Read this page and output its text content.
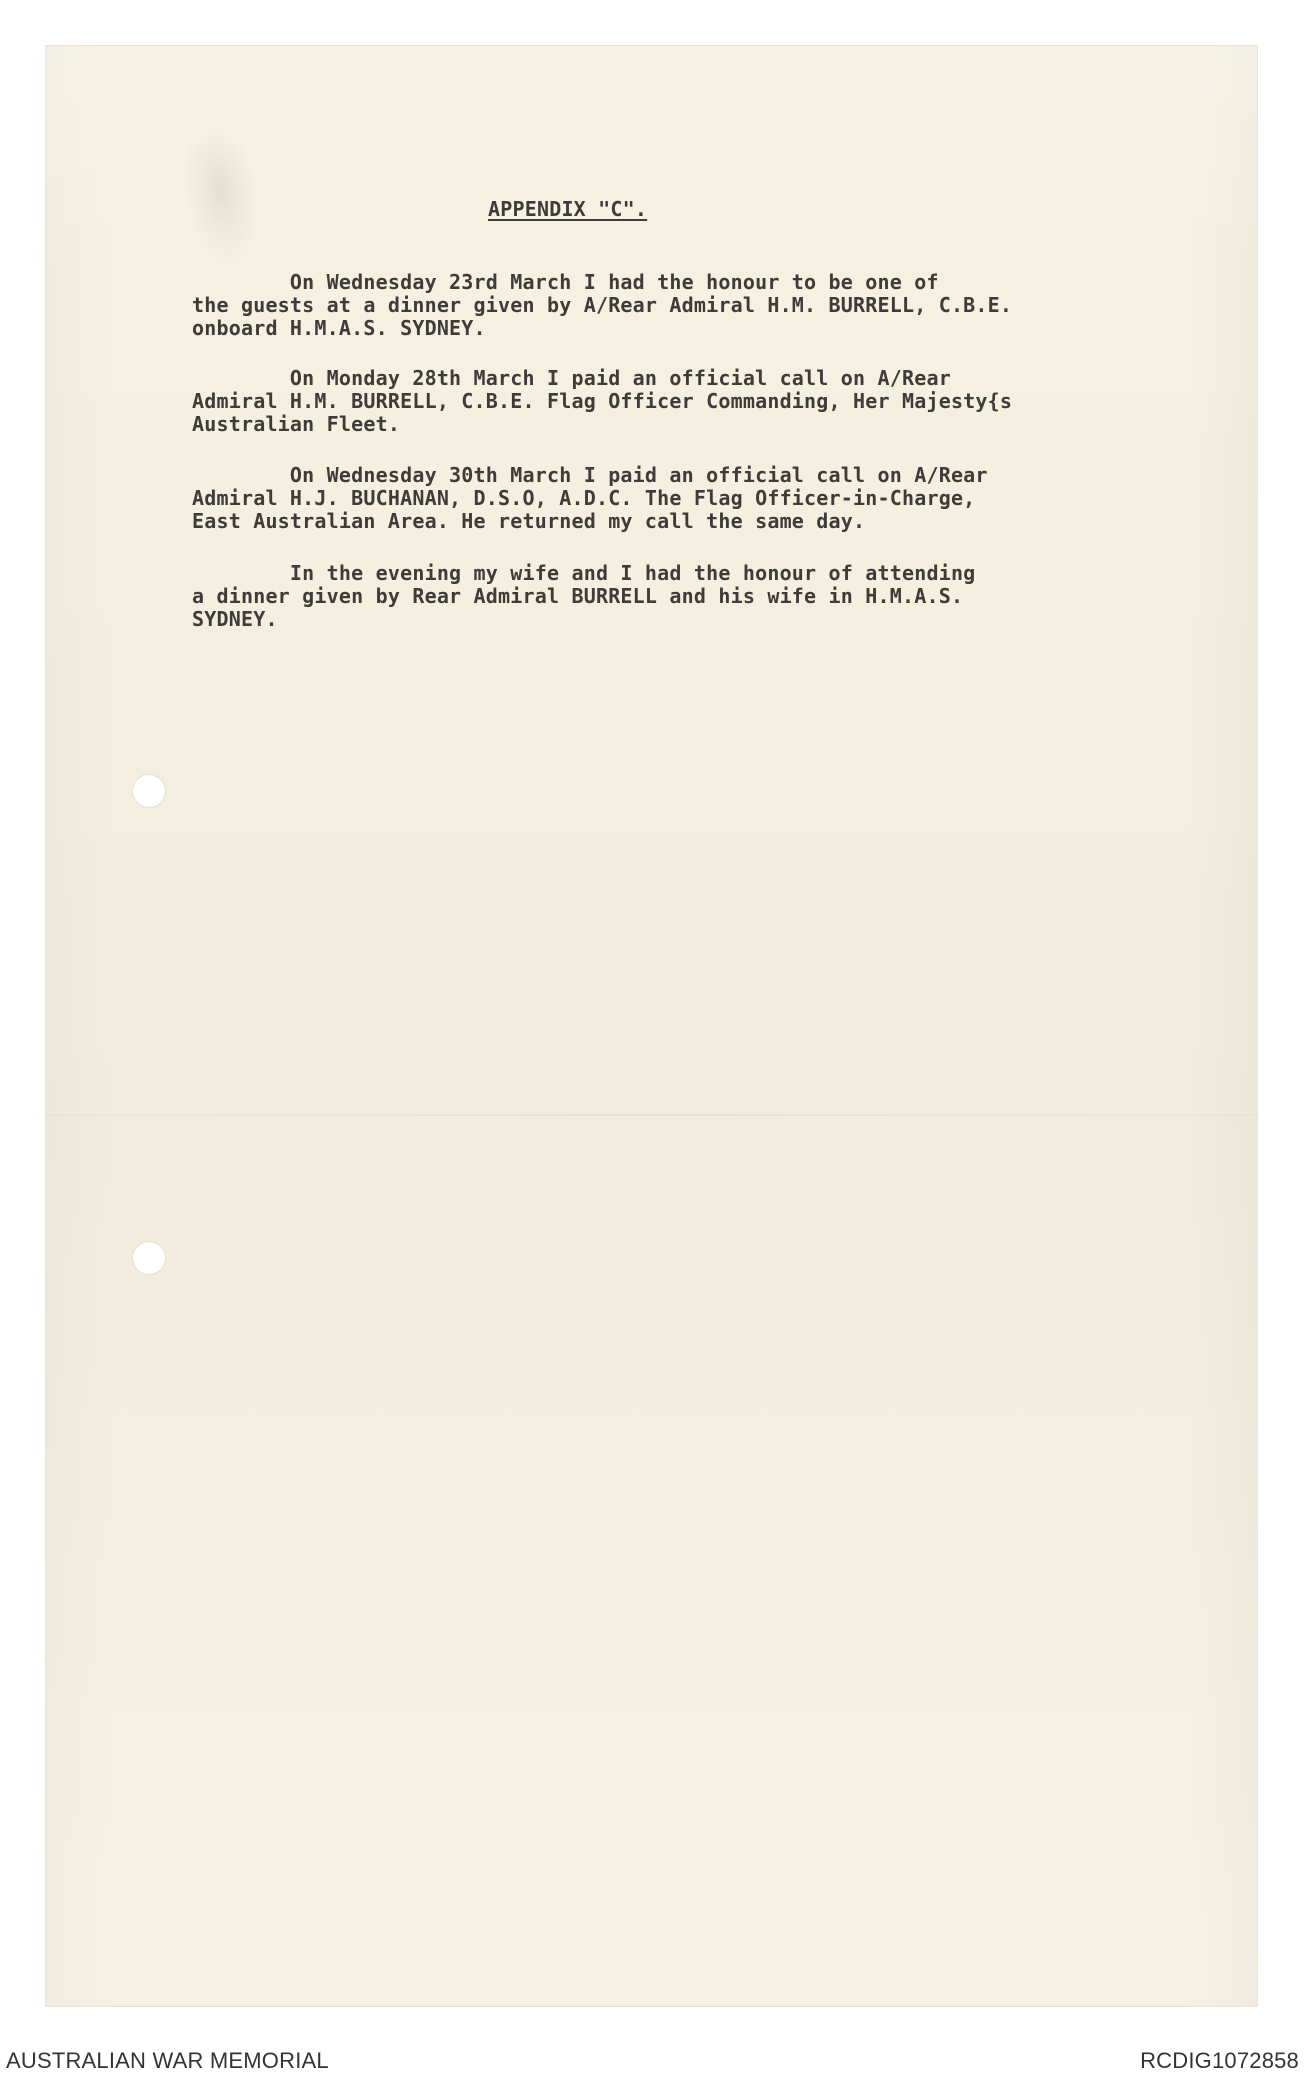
APPENDIX "C".
On Wednesday 23rd March I had the honour to be one of
the guests at a dinner given by A/Rear Admiral H.M. BURRELL, C.B.E.
onboard H.M.A.S. SYDNEY.
On Monday 28th March I paid an official call on A/Rear
Admiral H.M. BURRELL, C.B.E. Flag Officer Commanding, Her Majesty{s
Australian Fleet.
On Wednesday 30th March I paid an official call on A/Rear
Admiral H.J. BUCHANAN, D.S.O, A.D.C. The Flag Officer-in-Charge,
East Australian Area. He returned my call the same day.
In the evening my wife and I had the honour of attending
a dinner given by Rear Admiral BURRELL and his wife in H.M.A.S.
SYDNEY.
AUSTRALIAN WAR MEMORIAL	RCDIG1072858
